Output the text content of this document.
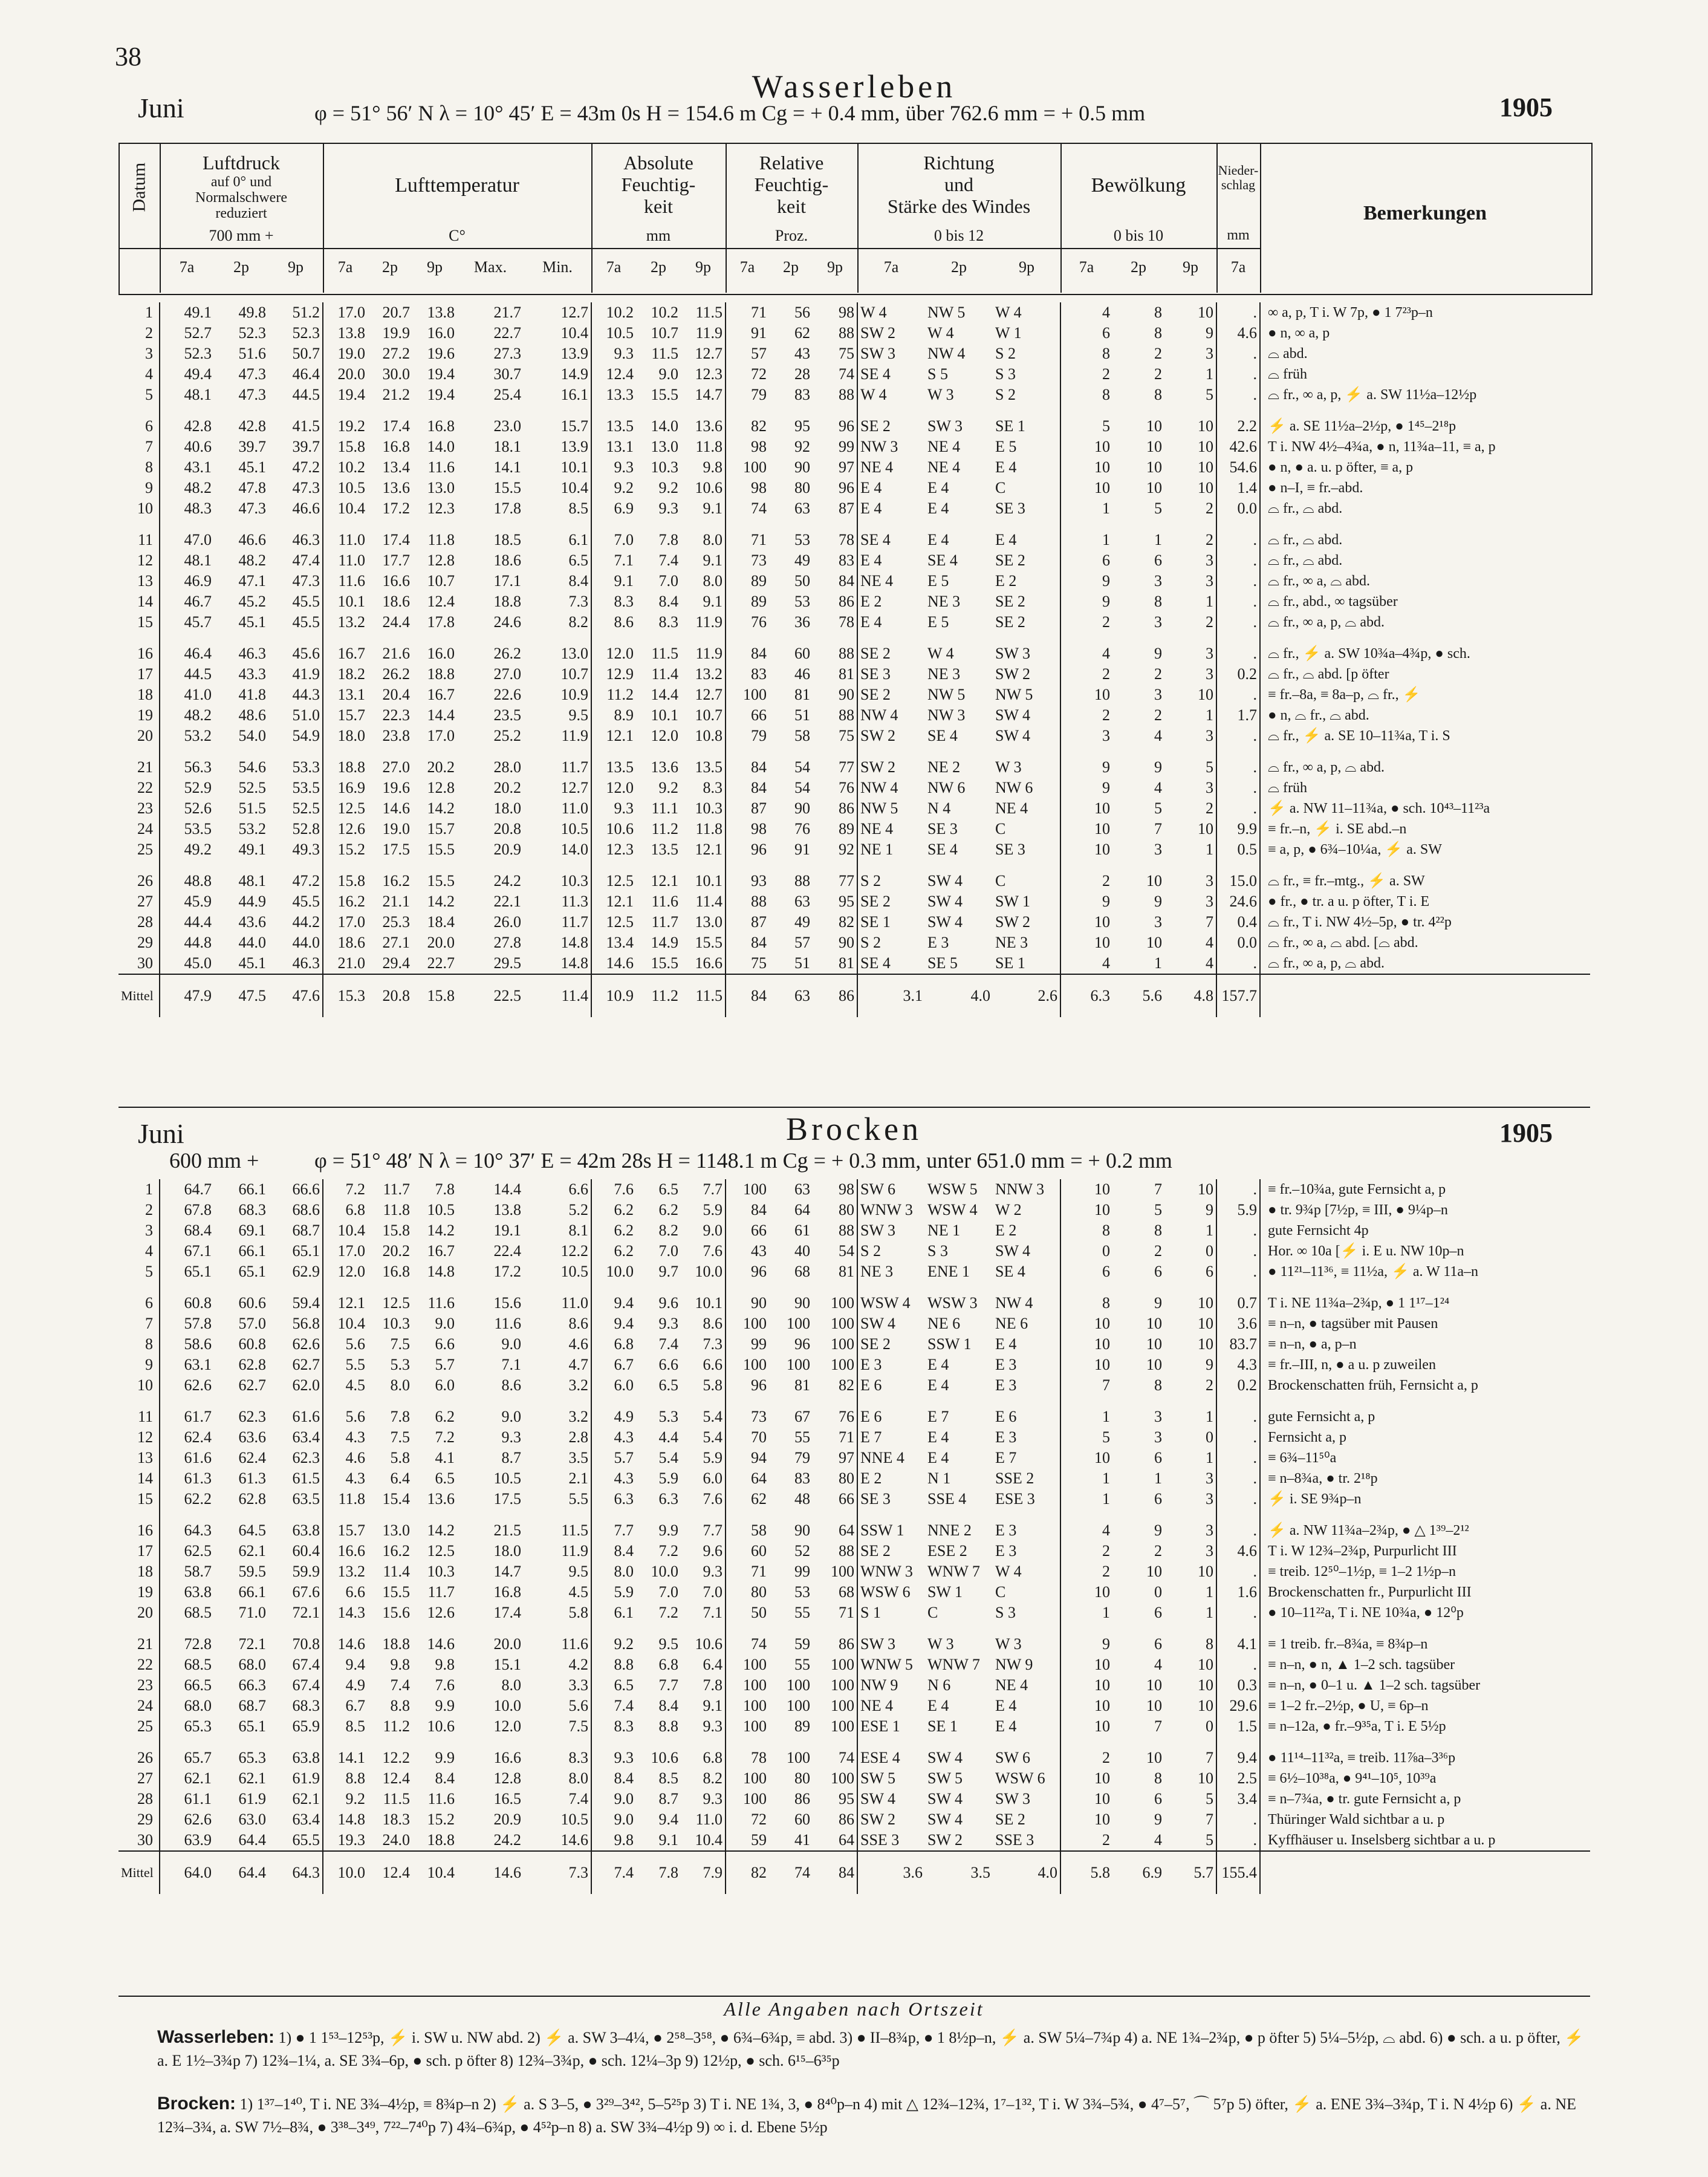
38
Wasserleben
Juni	φ = 51° 56′ N λ = 10° 45′ E = 43m 0s H = 154.6 m Cg = + 0.4 mm, über 762.6 mm = + 0.5 mm	1905
Datum	Luftdruck
auf 0° und
Normalschwere
reduziert
700 mm +
Lufttemperatur
C°
Absolute
Feuchtig-
keit
mm
Relative
Feuchtig-
keit
Proz.
Richtung
und
Stärke des Windes
0 bis 12
Bewölkung
0 bis 10
Nieder-schlag
mm
Bemerkungen
7a	2p	9p	7a	2p	9p	Max.	Min.	7a	2p	9p	7a	2p	9p	7a	2p	9p	7a	2p	9p	7a
1	49.1	49.8	51.2	17.0	20.7	13.8	21.7	12.7	10.2	10.2	11.5	71	56	98	W 4	NW 5	W 4	4	8	10	.	∞ a, p, T i. W 7p, ● 1 7²³p–n
2	52.7	52.3	52.3	13.8	19.9	16.0	22.7	10.4	10.5	10.7	11.9	91	62	88	SW 2	W 4	W 1	6	8	9	4.6	● n, ∞ a, p
3	52.3	51.6	50.7	19.0	27.2	19.6	27.3	13.9	9.3	11.5	12.7	57	43	75	SW 3	NW 4	S 2	8	2	3	.	⌓ abd.
4	49.4	47.3	46.4	20.0	30.0	19.4	30.7	14.9	12.4	9.0	12.3	72	28	74	SE 4	S 5	S 3	2	2	1	.	⌓ früh
5	48.1	47.3	44.5	19.4	21.2	19.4	25.4	16.1	13.3	15.5	14.7	79	83	88	W 4	W 3	S 2	8	8	5	.	⌓ fr., ∞ a, p, ⚡ a. SW 11½a–12½p

6	42.8	42.8	41.5	19.2	17.4	16.8	23.0	15.7	13.5	14.0	13.6	82	95	96	SE 2	SW 3	SE 1	5	10	10	2.2	⚡ a. SE 11½a–2½p, ● 1⁴⁵–2¹⁸p
7	40.6	39.7	39.7	15.8	16.8	14.0	18.1	13.9	13.1	13.0	11.8	98	92	99	NW 3	NE 4	E 5	10	10	10	42.6	T i. NW 4½–4¾a, ● n, 11¾a–11, ≡ a, p
8	43.1	45.1	47.2	10.2	13.4	11.6	14.1	10.1	9.3	10.3	9.8	100	90	97	NE 4	NE 4	E 4	10	10	10	54.6	● n, ● a. u. p öfter, ≡ a, p
9	48.2	47.8	47.3	10.5	13.6	13.0	15.5	10.4	9.2	9.2	10.6	98	80	96	E 4	E 4	C	10	10	10	1.4	● n–I, ≡ fr.–abd.
10	48.3	47.3	46.6	10.4	17.2	12.3	17.8	8.5	6.9	9.3	9.1	74	63	87	E 4	E 4	SE 3	1	5	2	0.0	⌓ fr., ⌓ abd.

11	47.0	46.6	46.3	11.0	17.4	11.8	18.5	6.1	7.0	7.8	8.0	71	53	78	SE 4	E 4	E 4	1	1	2	.	⌓ fr., ⌓ abd.
12	48.1	48.2	47.4	11.0	17.7	12.8	18.6	6.5	7.1	7.4	9.1	73	49	83	E 4	SE 4	SE 2	6	6	3	.	⌓ fr., ⌓ abd.
13	46.9	47.1	47.3	11.6	16.6	10.7	17.1	8.4	9.1	7.0	8.0	89	50	84	NE 4	E 5	E 2	9	3	3	.	⌓ fr., ∞ a, ⌓ abd.
14	46.7	45.2	45.5	10.1	18.6	12.4	18.8	7.3	8.3	8.4	9.1	89	53	86	E 2	NE 3	SE 2	9	8	1	.	⌓ fr., abd., ∞ tagsüber
15	45.7	45.1	45.5	13.2	24.4	17.8	24.6	8.2	8.6	8.3	11.9	76	36	78	E 4	E 5	SE 2	2	3	2	.	⌓ fr., ∞ a, p, ⌓ abd.

16	46.4	46.3	45.6	16.7	21.6	16.0	26.2	13.0	12.0	11.5	11.9	84	60	88	SE 2	W 4	SW 3	4	9	3	.	⌓ fr., ⚡ a. SW 10¾a–4¾p, ● sch.
17	44.5	43.3	41.9	18.2	26.2	18.8	27.0	10.7	12.9	11.4	13.2	83	46	81	SE 3	NE 3	SW 2	2	2	3	0.2	⌓ fr., ⌓ abd. [p öfter
18	41.0	41.8	44.3	13.1	20.4	16.7	22.6	10.9	11.2	14.4	12.7	100	81	90	SE 2	NW 5	NW 5	10	3	10	.	≡ fr.–8a, ≡ 8a–p, ⌓ fr., ⚡
19	48.2	48.6	51.0	15.7	22.3	14.4	23.5	9.5	8.9	10.1	10.7	66	51	88	NW 4	NW 3	SW 4	2	2	1	1.7	● n, ⌓ fr., ⌓ abd.
20	53.2	54.0	54.9	18.0	23.8	17.0	25.2	11.9	12.1	12.0	10.8	79	58	75	SW 2	SE 4	SW 4	3	4	3	.	⌓ fr., ⚡ a. SE 10–11¾a, T i. S

21	56.3	54.6	53.3	18.8	27.0	20.2	28.0	11.7	13.5	13.6	13.5	84	54	77	SW 2	NE 2	W 3	9	9	5	.	⌓ fr., ∞ a, p, ⌓ abd.
22	52.9	52.5	53.5	16.9	19.6	12.8	20.2	12.7	12.0	9.2	8.3	84	54	76	NW 4	NW 6	NW 6	9	4	3	.	⌓ früh
23	52.6	51.5	52.5	12.5	14.6	14.2	18.0	11.0	9.3	11.1	10.3	87	90	86	NW 5	N 4	NE 4	10	5	2	.	⚡ a. NW 11–11¾a, ● sch. 10⁴³–11²³a
24	53.5	53.2	52.8	12.6	19.0	15.7	20.8	10.5	10.6	11.2	11.8	98	76	89	NE 4	SE 3	C	10	7	10	9.9	≡ fr.–n, ⚡ i. SE abd.–n
25	49.2	49.1	49.3	15.2	17.5	15.5	20.9	14.0	12.3	13.5	12.1	96	91	92	NE 1	SE 4	SE 3	10	3	1	0.5	≡ a, p, ● 6¾–10¼a, ⚡ a. SW

26	48.8	48.1	47.2	15.8	16.2	15.5	24.2	10.3	12.5	12.1	10.1	93	88	77	S 2	SW 4	C	2	10	3	15.0	⌓ fr., ≡ fr.–mtg., ⚡ a. SW
27	45.9	44.9	45.5	16.2	21.1	14.2	22.1	11.3	12.1	11.6	11.4	88	63	95	SE 2	SW 4	SW 1	9	9	3	24.6	● fr., ● tr. a u. p öfter, T i. E
28	44.4	43.6	44.2	17.0	25.3	18.4	26.0	11.7	12.5	11.7	13.0	87	49	82	SE 1	SW 4	SW 2	10	3	7	0.4	⌓ fr., T i. NW 4½–5p, ● tr. 4²²p
29	44.8	44.0	44.0	18.6	27.1	20.0	27.8	14.8	13.4	14.9	15.5	84	57	90	S 2	E 3	NE 3	10	10	4	0.0	⌓ fr., ∞ a, ⌓ abd. [⌓ abd.
30	45.0	45.1	46.3	21.0	29.4	22.7	29.5	14.8	14.6	15.5	16.6	75	51	81	SE 4	SE 5	SE 1	4	1	4	.	⌓ fr., ∞ a, p, ⌓ abd.
Mittel	47.9	47.5	47.6	15.3	20.8	15.8	22.5	11.4	10.9	11.2	11.5	84	63	86	3.1	4.0	2.6	6.3	5.6	4.8	157.7	
Juni	Brocken	1905
600 mm +	φ = 51° 48′ N λ = 10° 37′ E = 42m 28s H = 1148.1 m Cg = + 0.3 mm, unter 651.0 mm = + 0.2 mm
1	64.7	66.1	66.6	7.2	11.7	7.8	14.4	6.6	7.6	6.5	7.7	100	63	98	SW 6	WSW 5	NNW 3	10	7	10	.	≡ fr.–10¾a, gute Fernsicht a, p
2	67.8	68.3	68.6	6.8	11.8	10.5	13.8	5.2	6.2	6.2	5.9	84	64	80	WNW 3	WSW 4	W 2	10	5	9	5.9	● tr. 9¾p [7½p, ≡ III, ● 9¼p–n
3	68.4	69.1	68.7	10.4	15.8	14.2	19.1	8.1	6.2	8.2	9.0	66	61	88	SW 3	NE 1	E 2	8	8	1	.	gute Fernsicht 4p
4	67.1	66.1	65.1	17.0	20.2	16.7	22.4	12.2	6.2	7.0	7.6	43	40	54	S 2	S 3	SW 4	0	2	0	.	Hor. ∞ 10a [⚡ i. E u. NW 10p–n
5	65.1	65.1	62.9	12.0	16.8	14.8	17.2	10.5	10.0	9.7	10.0	96	68	81	NE 3	ENE 1	SE 4	6	6	6	.	● 11²¹–11³⁶, ≡ 11½a, ⚡ a. W 11a–n

6	60.8	60.6	59.4	12.1	12.5	11.6	15.6	11.0	9.4	9.6	10.1	90	90	100	WSW 4	WSW 3	NW 4	8	9	10	0.7	T i. NE 11¾a–2¾p, ● 1 1¹⁷–1²⁴
7	57.8	57.0	56.8	10.4	10.3	9.0	11.6	8.6	9.4	9.3	8.6	100	100	100	SW 4	NE 6	NE 6	10	10	10	3.6	≡ n–n, ● tagsüber mit Pausen
8	58.6	60.8	62.6	5.6	7.5	6.6	9.0	4.6	6.8	7.4	7.3	99	96	100	SE 2	SSW 1	E 4	10	10	10	83.7	≡ n–n, ● a, p–n
9	63.1	62.8	62.7	5.5	5.3	5.7	7.1	4.7	6.7	6.6	6.6	100	100	100	E 3	E 4	E 3	10	10	9	4.3	≡ fr.–III, n, ● a u. p zuweilen
10	62.6	62.7	62.0	4.5	8.0	6.0	8.6	3.2	6.0	6.5	5.8	96	81	82	E 6	E 4	E 3	7	8	2	0.2	Brockenschatten früh, Fernsicht a, p

11	61.7	62.3	61.6	5.6	7.8	6.2	9.0	3.2	4.9	5.3	5.4	73	67	76	E 6	E 7	E 6	1	3	1	.	gute Fernsicht a, p
12	62.4	63.6	63.4	4.3	7.5	7.2	9.3	2.8	4.3	4.4	5.4	70	55	71	E 7	E 4	E 3	5	3	0	.	Fernsicht a, p
13	61.6	62.4	62.3	4.6	5.8	4.1	8.7	3.5	5.7	5.4	5.9	94	79	97	NNE 4	E 4	E 7	10	6	1	.	≡ 6¾–11⁵⁰a
14	61.3	61.3	61.5	4.3	6.4	6.5	10.5	2.1	4.3	5.9	6.0	64	83	80	E 2	N 1	SSE 2	1	1	3	.	≡ n–8¾a, ● tr. 2¹⁸p
15	62.2	62.8	63.5	11.8	15.4	13.6	17.5	5.5	6.3	6.3	7.6	62	48	66	SE 3	SSE 4	ESE 3	1	6	3	.	⚡ i. SE 9¾p–n

16	64.3	64.5	63.8	15.7	13.0	14.2	21.5	11.5	7.7	9.9	7.7	58	90	64	SSW 1	NNE 2	E 3	4	9	3	.	⚡ a. NW 11¾a–2¾p, ● △ 1³⁹–2¹²
17	62.5	62.1	60.4	16.6	16.2	12.5	18.0	11.9	8.4	7.2	9.6	60	52	88	SE 2	ESE 2	E 3	2	2	3	4.6	T i. W 12¾–2¾p, Purpurlicht III
18	58.7	59.5	59.9	13.2	11.4	10.3	14.7	9.5	8.0	10.0	9.3	71	99	100	WNW 3	WNW 7	W 4	2	10	10	.	≡ treib. 12⁵⁰–1½p, ≡ 1–2 1½p–n
19	63.8	66.1	67.6	6.6	15.5	11.7	16.8	4.5	5.9	7.0	7.0	80	53	68	WSW 6	SW 1	C	10	0	1	1.6	Brockenschatten fr., Purpurlicht III
20	68.5	71.0	72.1	14.3	15.6	12.6	17.4	5.8	6.1	7.2	7.1	50	55	71	S 1	C	S 3	1	6	1	.	● 10–11²²a, T i. NE 10¾a, ● 12⁰p

21	72.8	72.1	70.8	14.6	18.8	14.6	20.0	11.6	9.2	9.5	10.6	74	59	86	SW 3	W 3	W 3	9	6	8	4.1	≡ 1 treib. fr.–8¾a, ≡ 8¾p–n
22	68.5	68.0	67.4	9.4	9.8	9.8	15.1	4.2	8.8	6.8	6.4	100	55	100	WNW 5	WNW 7	NW 9	10	4	10	.	≡ n–n, ● n, ▲ 1–2 sch. tagsüber
23	66.5	66.3	67.4	4.9	7.4	7.6	8.0	3.3	6.5	7.7	7.8	100	100	100	NW 9	N 6	NE 4	10	10	10	0.3	≡ n–n, ● 0–1 u. ▲ 1–2 sch. tagsüber
24	68.0	68.7	68.3	6.7	8.8	9.9	10.0	5.6	7.4	8.4	9.1	100	100	100	NE 4	E 4	E 4	10	10	10	29.6	≡ 1–2 fr.–2½p, ● U, ≡ 6p–n
25	65.3	65.1	65.9	8.5	11.2	10.6	12.0	7.5	8.3	8.8	9.3	100	89	100	ESE 1	SE 1	E 4	10	7	0	1.5	≡ n–12a, ● fr.–9³⁵a, T i. E 5½p

26	65.7	65.3	63.8	14.1	12.2	9.9	16.6	8.3	9.3	10.6	6.8	78	100	74	ESE 4	SW 4	SW 6	2	10	7	9.4	● 11¹⁴–11³²a, ≡ treib. 11⅞a–3³⁶p
27	62.1	62.1	61.9	8.8	12.4	8.4	12.8	8.0	8.4	8.5	8.2	100	80	100	SW 5	SW 5	WSW 6	10	8	10	2.5	≡ 6½–10³⁸a, ● 9⁴¹–10⁵, 10³⁹a
28	61.1	61.9	62.1	9.2	11.5	11.6	16.5	7.4	9.0	8.7	9.3	100	86	95	SW 4	SW 4	SW 3	10	6	5	3.4	≡ n–7¾a, ● tr. gute Fernsicht a, p
29	62.6	63.0	63.4	14.8	18.3	15.2	20.9	10.5	9.0	9.4	11.0	72	60	86	SW 2	SW 4	SE 2	10	9	7	.	Thüringer Wald sichtbar a u. p
30	63.9	64.4	65.5	19.3	24.0	18.8	24.2	14.6	9.8	9.1	10.4	59	41	64	SSE 3	SW 2	SSE 3	2	4	5	.	Kyffhäuser u. Inselsberg sichtbar a u. p
Mittel	64.0	64.4	64.3	10.0	12.4	10.4	14.6	7.3	7.4	7.8	7.9	82	74	84	3.6	3.5	4.0	5.8	6.9	5.7	155.4	
Alle Angaben nach Ortszeit
Wasserleben: 1) ● 1 1⁵³–12⁵³p, ⚡ i. SW u. NW abd. 2) ⚡ a. SW 3–4¼, ● 2⁵⁸–3⁵⁸, ● 6¾–6¾p, ≡ abd. 3) ● II–8¾p, ● 1 8½p–n, ⚡ a. SW 5¼–7¾p 4) a. NE 1¾–2¾p, ● p öfter 5) 5¼–5½p, ⌓ abd. 6) ● sch. a u. p öfter, ⚡ a. E 1½–3¾p 7) 12¾–1¼, a. SE 3¾–6p, ● sch. p öfter 8) 12¾–3¾p, ● sch. 12¼–3p 9) 12½p, ● sch. 6¹⁵–6³⁵p
Brocken: 1) 1³⁷–1⁴⁰, T i. NE 3¾–4½p, ≡ 8¾p–n 2) ⚡ a. S 3–5, ● 3²⁹–3⁴², 5–5²⁵p 3) T i. NE 1¾, 3, ● 8⁴⁰p–n 4) mit △ 12¾–12¾, 1⁷–1³², T i. W 3¾–5¾, ● 4⁷–5⁷, ⌒ 5⁷p 5) öfter, ⚡ a. ENE 3¾–3¾p, T i. N 4½p 6) ⚡ a. NE 12¾–3¾, a. SW 7½–8¾, ● 3³⁸–3⁴⁹, 7²²–7⁴⁰p 7) 4¾–6¾p, ● 4⁵²p–n 8) a. SW 3¾–4½p 9) ∞ i. d. Ebene 5½p
